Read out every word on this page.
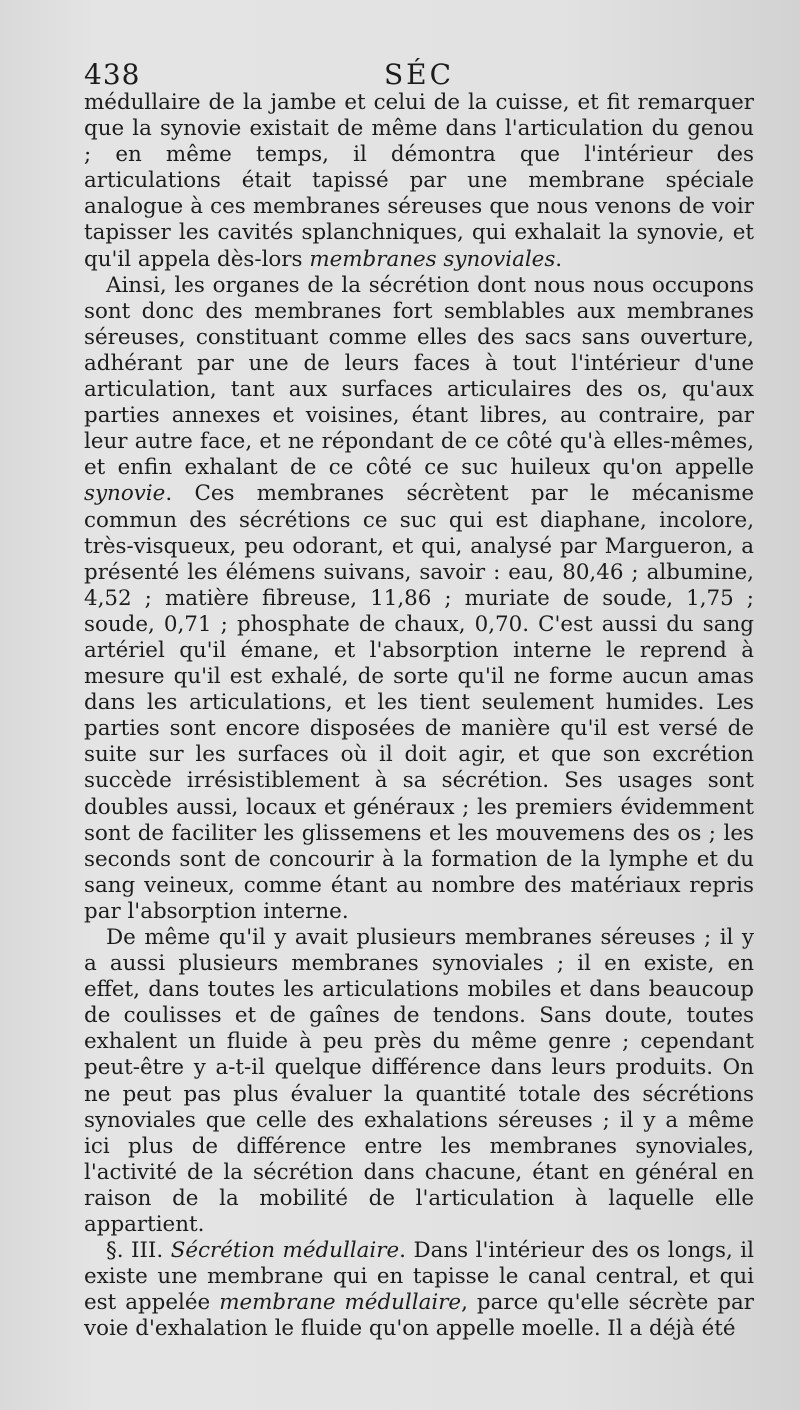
438	SÉC

médullaire de la jambe et celui de la cuisse, et fit remarquer que la synovie existait de même dans l'articulation du genou ; en même temps, il démontra que l'intérieur des articulations était tapissé par une membrane spéciale analogue à ces membranes séreuses que nous venons de voir tapisser les cavités splanchniques, qui exhalait la synovie, et qu'il appela dès-lors membranes synoviales.

Ainsi, les organes de la sécrétion dont nous nous occupons sont donc des membranes fort semblables aux membranes séreuses, constituant comme elles des sacs sans ouverture, adhérant par une de leurs faces à tout l'intérieur d'une articulation, tant aux surfaces articulaires des os, qu'aux parties annexes et voisines, étant libres, au contraire, par leur autre face, et ne répondant de ce côté qu'à elles-mêmes, et enfin exhalant de ce côté ce suc huileux qu'on appelle synovie. Ces membranes sécrètent par le mécanisme commun des sécrétions ce suc qui est diaphane, incolore, très-visqueux, peu odorant, et qui, analysé par Margueron, a présenté les élémens suivans, savoir : eau, 80,46 ; albumine, 4,52 ; matière fibreuse, 11,86 ; muriate de soude, 1,75 ; soude, 0,71 ; phosphate de chaux, 0,70. C'est aussi du sang artériel qu'il émane, et l'absorption interne le reprend à mesure qu'il est exhalé, de sorte qu'il ne forme aucun amas dans les articulations, et les tient seulement humides. Les parties sont encore disposées de manière qu'il est versé de suite sur les surfaces où il doit agir, et que son excrétion succède irrésistiblement à sa sécrétion. Ses usages sont doubles aussi, locaux et généraux ; les premiers évidemment sont de faciliter les glissemens et les mouvemens des os ; les seconds sont de concourir à la formation de la lymphe et du sang veineux, comme étant au nombre des matériaux repris par l'absorption interne.

De même qu'il y avait plusieurs membranes séreuses ; il y a aussi plusieurs membranes synoviales ; il en existe, en effet, dans toutes les articulations mobiles et dans beaucoup de coulisses et de gaînes de tendons. Sans doute, toutes exhalent un fluide à peu près du même genre ; cependant peut-être y a-t-il quelque différence dans leurs produits. On ne peut pas plus évaluer la quantité totale des sécrétions synoviales que celle des exhalations séreuses ; il y a même ici plus de différence entre les membranes synoviales, l'activité de la sécrétion dans chacune, étant en général en raison de la mobilité de l'articulation à laquelle elle appartient.

§. III. Sécrétion médullaire. Dans l'intérieur des os longs, il existe une membrane qui en tapisse le canal central, et qui est appelée membrane médullaire, parce qu'elle sécrète par voie d'exhalation le fluide qu'on appelle moelle. Il a déjà été
